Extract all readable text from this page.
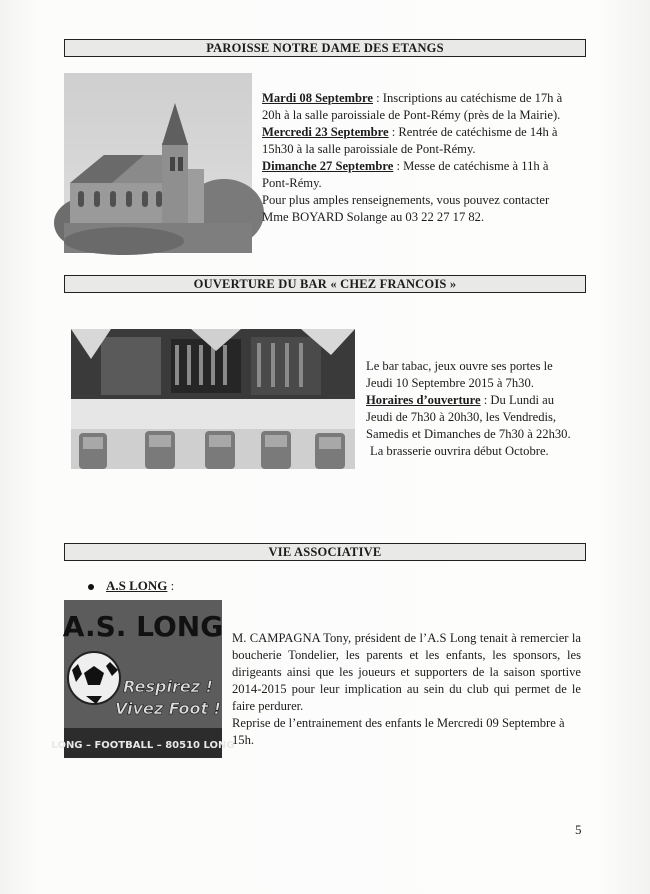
PAROISSE NOTRE DAME DES ETANGS

Mardi 08 Septembre : Inscriptions au catéchisme de 17h à 20h à la salle paroissiale de Pont-Rémy (près de la Mairie).

Mercredi 23 Septembre : Rentrée de catéchisme de 14h à 15h30 à la salle paroissiale de Pont-Rémy.

Dimanche 27 Septembre : Messe de catéchisme à 11h à Pont-Rémy.

Pour plus amples renseignements, vous pouvez contacter Mme BOYARD Solange au 03 22 27 17 82.

OUVERTURE DU BAR « CHEZ FRANCOIS »

Le bar tabac, jeux ouvre ses portes le Jeudi 10 Septembre 2015 à 7h30.

Horaires d’ouverture : Du Lundi au Jeudi de 7h30 à 20h30, les Vendredis, Samedis et Dimanches de 7h30 à 22h30.

La brasserie ouvrira début Octobre.

VIE ASSOCIATIVE
A.S LONG :
A.S. LONG
Respirez !
Vivez Foot !
LONG – FOOTBALL – 80510 LONG

M. CAMPAGNA Tony, président de l’A.S Long tenait à remercier la boucherie Tondelier, les parents et les enfants, les sponsors, les dirigeants ainsi que les joueurs et supporters de la saison sportive 2014-2015 pour leur implication au sein du club qui permet de le faire perdurer.

Reprise de l’entrainement des enfants le Mercredi 09 Septembre à 15h.

5
